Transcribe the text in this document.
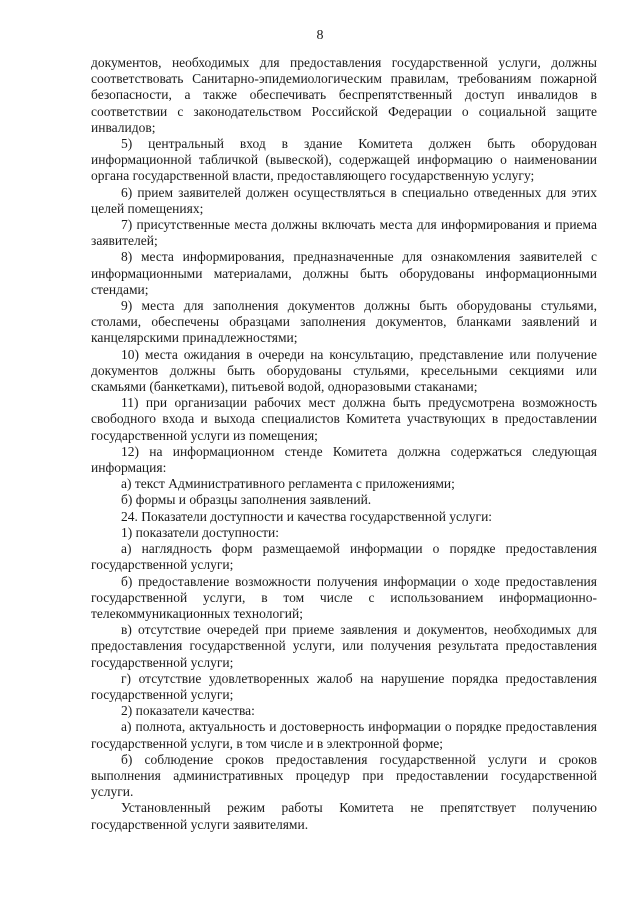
8

документов, необходимых для предоставления государственной услуги, должны соответствовать Санитарно-эпидемиологическим правилам, требованиям пожарной безопасности, а также обеспечивать беспрепятственный доступ инвалидов в соответствии с законодательством Российской Федерации о социальной защите инвалидов;

5) центральный вход в здание Комитета должен быть оборудован информационной табличкой (вывеской), содержащей информацию о наименовании органа государственной власти, предоставляющего государственную услугу;

6) прием заявителей должен осуществляться в специально отведенных для этих целей помещениях;

7) присутственные места должны включать места для информирования и приема заявителей;

8) места информирования, предназначенные для ознакомления заявителей с информационными материалами, должны быть оборудованы информационными стендами;

9) места для заполнения документов должны быть оборудованы стульями, столами, обеспечены образцами заполнения документов, бланками заявлений и канцелярскими принадлежностями;

10) места ожидания в очереди на консультацию, представление или получение документов должны быть оборудованы стульями, кресельными секциями или скамьями (банкетками), питьевой водой, одноразовыми стаканами;

11) при организации рабочих мест должна быть предусмотрена возможность свободного входа и выхода специалистов Комитета участвующих в предоставлении государственной услуги из помещения;

12) на информационном стенде Комитета должна содержаться следующая информация:

а) текст Административного регламента с приложениями;

б) формы и образцы заполнения заявлений.

24. Показатели доступности и качества государственной услуги:

1) показатели доступности:

а) наглядность форм размещаемой информации о порядке предоставления государственной услуги;

б) предоставление возможности получения информации о ходе предоставления государственной услуги, в том числе с использованием информационно-телекоммуникационных технологий;

в) отсутствие очередей при приеме заявления и документов, необходимых для предоставления государственной услуги, или получения результата предоставления государственной услуги;

г) отсутствие удовлетворенных жалоб на нарушение порядка предоставления государственной услуги;

2) показатели качества:

а) полнота, актуальность и достоверность информации о порядке предоставления государственной услуги, в том числе и в электронной форме;

б) соблюдение сроков предоставления государственной услуги и сроков выполнения административных процедур при предоставлении государственной услуги.

Установленный режим работы Комитета не препятствует получению государственной услуги заявителями.
